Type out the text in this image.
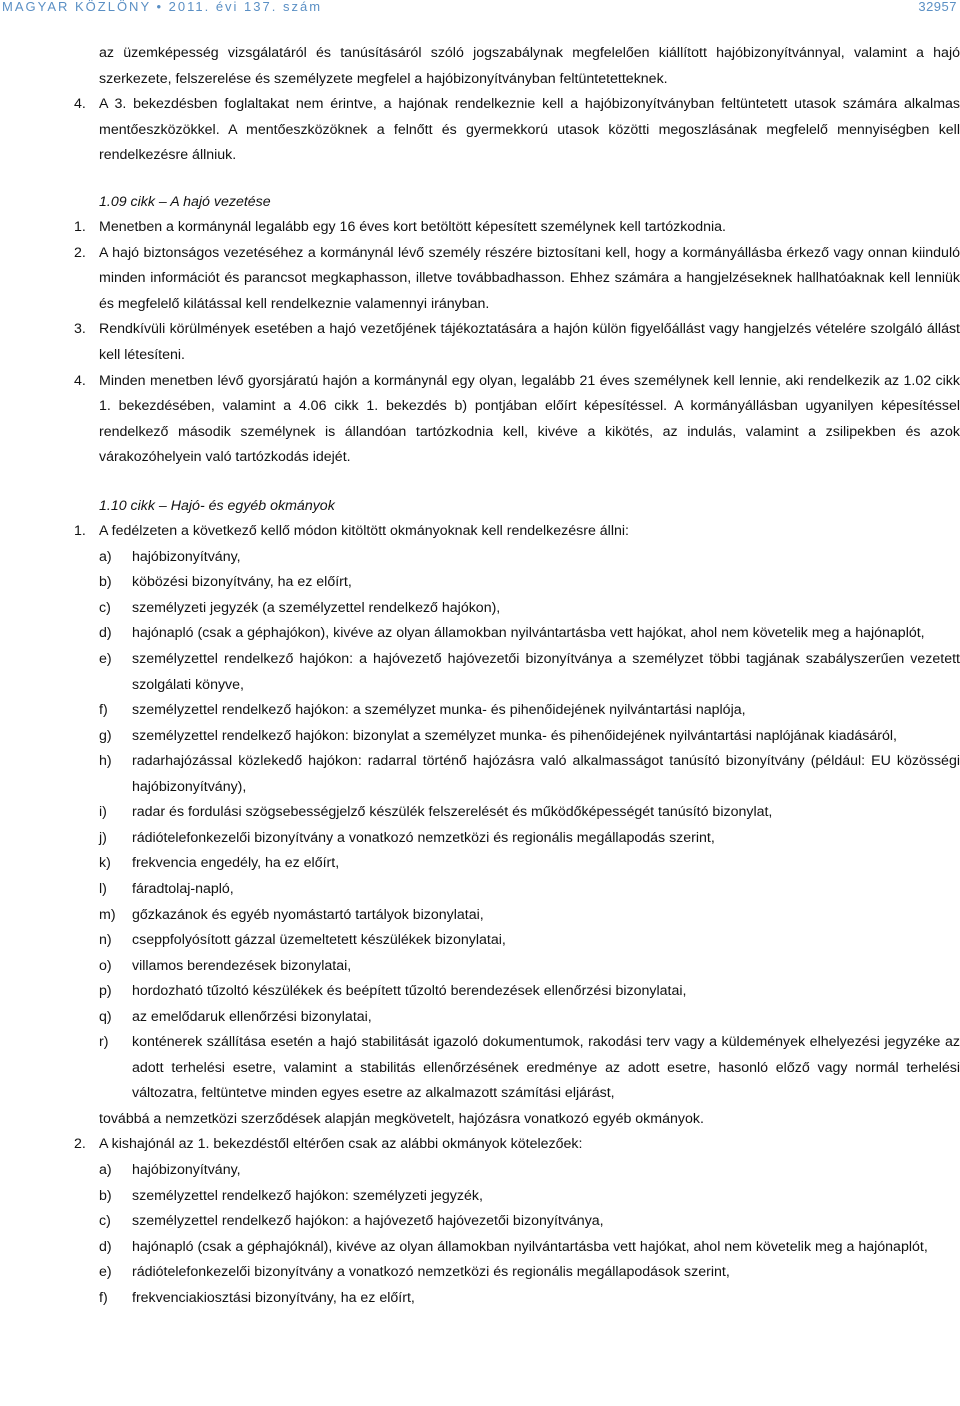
MAGYAR KÖZLÖNY • 2011. évi 137. szám	32957

az üzemképesség vizsgálatáról és tanúsításáról szóló jogszabálynak megfelelően kiállított hajóbizonyítvánnyal, valamint a hajó szerkezete, felszerelése és személyzete megfelel a hajóbizonyítványban feltüntetetteknek.

4. A 3. bekezdésben foglaltakat nem érintve, a hajónak rendelkeznie kell a hajóbizonyítványban feltüntetett utasok számára alkalmas mentőeszközökkel. A mentőeszközöknek a felnőtt és gyermekkorú utasok közötti megoszlásának megfelelő mennyiségben kell rendelkezésre állniuk.

1.09 cikk – A hajó vezetése

1. Menetben a kormánynál legalább egy 16 éves kort betöltött képesített személynek kell tartózkodnia.
2. A hajó biztonságos vezetéséhez a kormánynál lévő személy részére biztosítani kell, hogy a kormányállásba érkező vagy onnan kiinduló minden információt és parancsot megkaphasson, illetve továbbadhasson. Ehhez számára a hangjelzéseknek hallhatóaknak kell lenniük és megfelelő kilátással kell rendelkeznie valamennyi irányban.
3. Rendkívüli körülmények esetében a hajó vezetőjének tájékoztatására a hajón külön figyelőállást vagy hangjelzés vételére szolgáló állást kell létesíteni.
4. Minden menetben lévő gyorsjáratú hajón a kormánynál egy olyan, legalább 21 éves személynek kell lennie, aki rendelkezik az 1.02 cikk 1. bekezdésében, valamint a 4.06 cikk 1. bekezdés b) pontjában előírt képesítéssel. A kormányállásban ugyanilyen képesítéssel rendelkező második személynek is állandóan tartózkodnia kell, kivéve a kikötés, az indulás, valamint a zsilipekben és azok várakozóhelyein való tartózkodás idejét.

1.10 cikk – Hajó- és egyéb okmányok

1. A fedélzeten a következő kellő módon kitöltött okmányoknak kell rendelkezésre állni:
a)	hajóbizonyítvány,
b)	köbözési bizonyítvány, ha ez előírt,
c)	személyzeti jegyzék (a személyzettel rendelkező hajókon),
d)	hajónapló (csak a géphajókon), kivéve az olyan államokban nyilvántartásba vett hajókat, ahol nem követelik meg a hajónaplót,
e)	személyzettel rendelkező hajókon: a hajóvezető hajóvezetői bizonyítványa a személyzet többi tagjának szabályszerűen vezetett szolgálati könyve,
f)	személyzettel rendelkező hajókon: a személyzet munka- és pihenőidejének nyilvántartási naplója,
g)	személyzettel rendelkező hajókon: bizonylat a személyzet munka- és pihenőidejének nyilvántartási naplójának kiadásáról,
h)	radarhajózással közlekedő hajókon: radarral történő hajózásra való alkalmasságot tanúsító bizonyítvány (például: EU közösségi hajóbizonyítvány),
i)	radar és fordulási szögsebességjelző készülék felszerelését és működőképességét tanúsító bizonylat,
j)	rádiótelefonkezelői bizonyítvány a vonatkozó nemzetközi és regionális megállapodás szerint,
k)	frekvencia engedély, ha ez előírt,
l)	fáradtolaj-napló,
m)	gőzkazánok és egyéb nyomástartó tartályok bizonylatai,
n)	cseppfolyósított gázzal üzemeltetett készülékek bizonylatai,
o)	villamos berendezések bizonylatai,
p)	hordozható tűzoltó készülékek és beépített tűzoltó berendezések ellenőrzési bizonylatai,
q)	az emelődaruk ellenőrzési bizonylatai,
r)	konténerek szállítása esetén a hajó stabilitását igazoló dokumentumok, rakodási terv vagy a küldemények elhelyezési jegyzéke az adott terhelési esetre, valamint a stabilitás ellenőrzésének eredménye az adott esetre, hasonló előző vagy normál terhelési változatra, feltüntetve minden egyes esetre az alkalmazott számítási eljárást,

továbbá a nemzetközi szerződések alapján megkövetelt, hajózásra vonatkozó egyéb okmányok.

2. A kishajónál az 1. bekezdéstől eltérően csak az alábbi okmányok kötelezőek:
a)	hajóbizonyítvány,
b)	személyzettel rendelkező hajókon: személyzeti jegyzék,
c)	személyzettel rendelkező hajókon: a hajóvezető hajóvezetői bizonyítványa,
d)	hajónapló (csak a géphajóknál), kivéve az olyan államokban nyilvántartásba vett hajókat, ahol nem követelik meg a hajónaplót,
e)	rádiótelefonkezelői bizonyítvány a vonatkozó nemzetközi és regionális megállapodások szerint,
f)	frekvenciakiosztási bizonyítvány, ha ez előírt,
